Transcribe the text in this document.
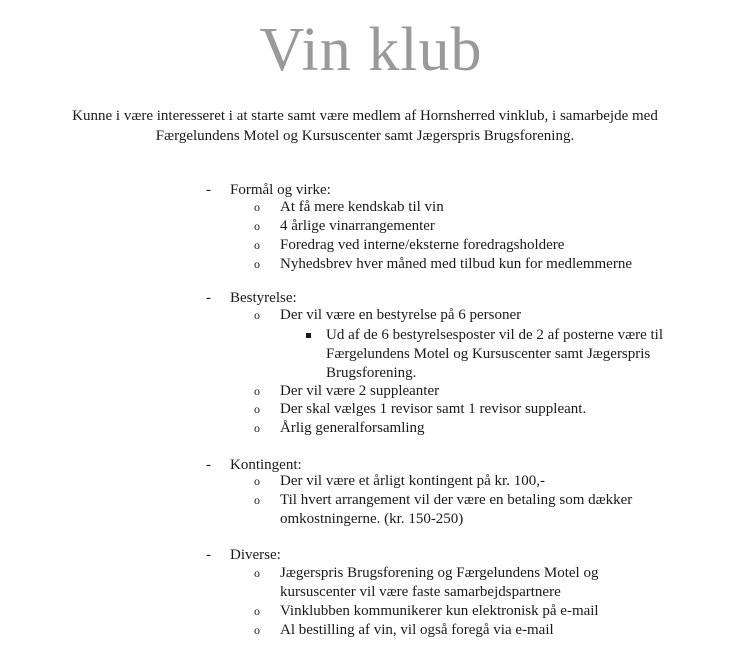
Vin klub
Kunne i være interesseret i at starte samt være medlem af Hornsherred vinklub, i samarbejde med Færgelundens Motel og Kursuscenter samt Jægerspris Brugsforening.
- Formål og virke:
o At få mere kendskab til vin
o 4 årlige vinarrangementer
o Foredrag ved interne/eksterne foredragsholdere
o Nyhedsbrev hver måned med tilbud kun for medlemmerne
- Bestyrelse:
o Der vil være en bestyrelse på 6 personer
Ud af de 6 bestyrelsesposter vil de 2 af posterne være til Færgelundens Motel og Kursuscenter samt Jægerspris Brugsforening.
o Der vil være 2 suppleanter
o Der skal vælges 1 revisor samt 1 revisor suppleant.
o Årlig generalforsamling
- Kontingent:
o Der vil være et årligt kontingent på kr. 100,-
o Til hvert arrangement vil der være en betaling som dækker omkostningerne. (kr. 150-250)
- Diverse:
o Jægerspris Brugsforening og Færgelundens Motel og kursuscenter vil være faste samarbejdspartnere
o Vinklubben kommunikerer kun elektronisk på e-mail
o Al bestilling af vin, vil også foregå via e-mail
